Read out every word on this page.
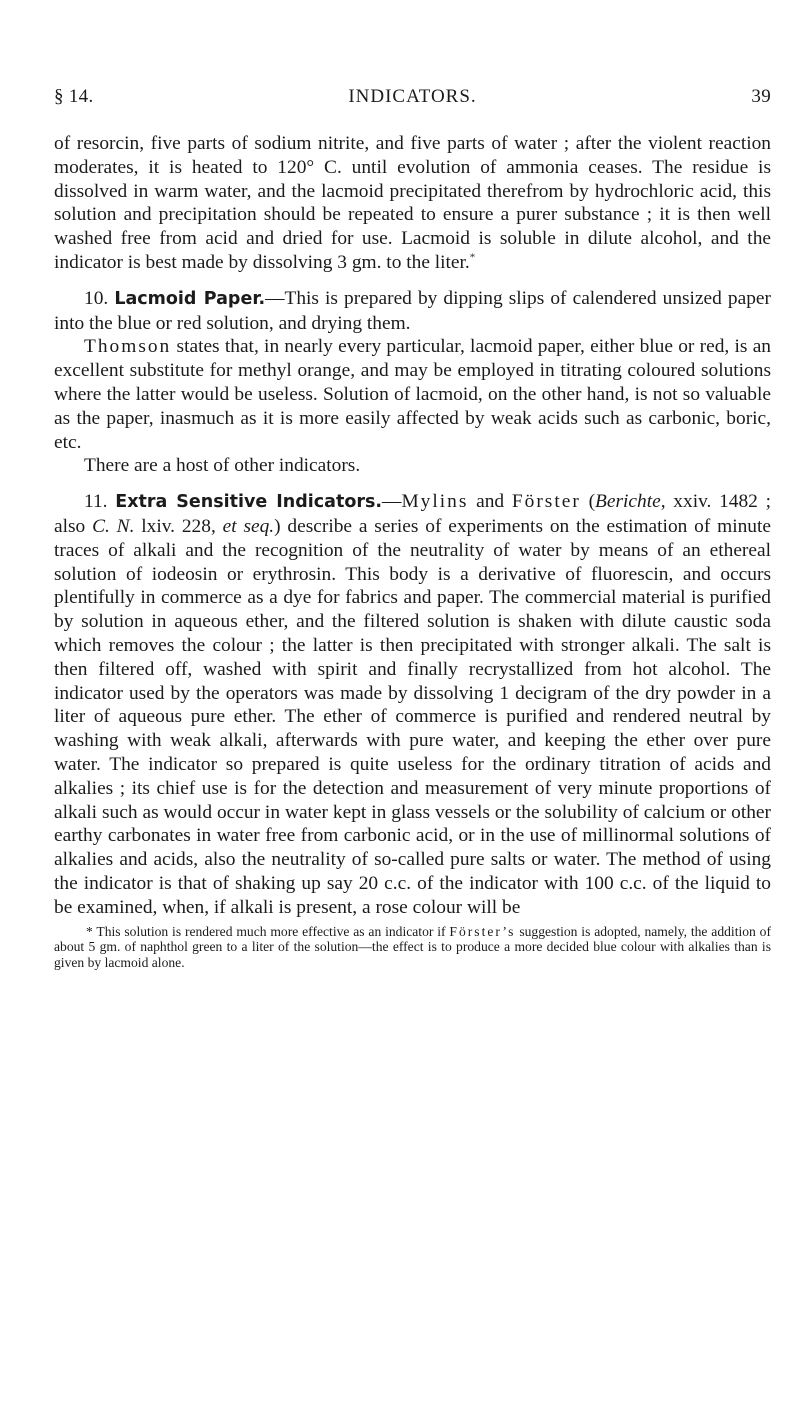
§ 14.	INDICATORS.	39

of resorcin, five parts of sodium nitrite, and five parts of water ; after the violent reaction moderates, it is heated to 120° C. until evolution of ammonia ceases. The residue is dissolved in warm water, and the lacmoid precipitated therefrom by hydrochloric acid, this solution and precipitation should be repeated to ensure a purer substance ; it is then well washed free from acid and dried for use. Lacmoid is soluble in dilute alcohol, and the indicator is best made by dissolving 3 gm. to the liter.*

10. Lacmoid Paper.—This is prepared by dipping slips of calendered unsized paper into the blue or red solution, and drying them.

Thomson states that, in nearly every particular, lacmoid paper, either blue or red, is an excellent substitute for methyl orange, and may be employed in titrating coloured solutions where the latter would be useless. Solution of lacmoid, on the other hand, is not so valuable as the paper, inasmuch as it is more easily affected by weak acids such as carbonic, boric, etc.

There are a host of other indicators.

11. Extra Sensitive Indicators.—Mylins and Förster (Berichte, xxiv. 1482 ; also C. N. lxiv. 228, et seq.) describe a series of experiments on the estimation of minute traces of alkali and the recognition of the neutrality of water by means of an ethereal solution of iodeosin or erythrosin. This body is a derivative of fluorescin, and occurs plentifully in commerce as a dye for fabrics and paper. The commercial material is purified by solution in aqueous ether, and the filtered solution is shaken with dilute caustic soda which removes the colour ; the latter is then precipitated with stronger alkali. The salt is then filtered off, washed with spirit and finally recrystallized from hot alcohol. The indicator used by the operators was made by dissolving 1 decigram of the dry powder in a liter of aqueous pure ether. The ether of commerce is purified and rendered neutral by washing with weak alkali, afterwards with pure water, and keeping the ether over pure water. The indicator so prepared is quite useless for the ordinary titration of acids and alkalies ; its chief use is for the detection and measurement of very minute proportions of alkali such as would occur in water kept in glass vessels or the solubility of calcium or other earthy carbonates in water free from carbonic acid, or in the use of millinormal solutions of alkalies and acids, also the neutrality of so-called pure salts or water. The method of using the indicator is that of shaking up say 20 c.c. of the indicator with 100 c.c. of the liquid to be examined, when, if alkali is present, a rose colour will be

* This solution is rendered much more effective as an indicator if Förster’s suggestion is adopted, namely, the addition of about 5 gm. of naphthol green to a liter of the solution—the effect is to produce a more decided blue colour with alkalies than is given by lacmoid alone.
